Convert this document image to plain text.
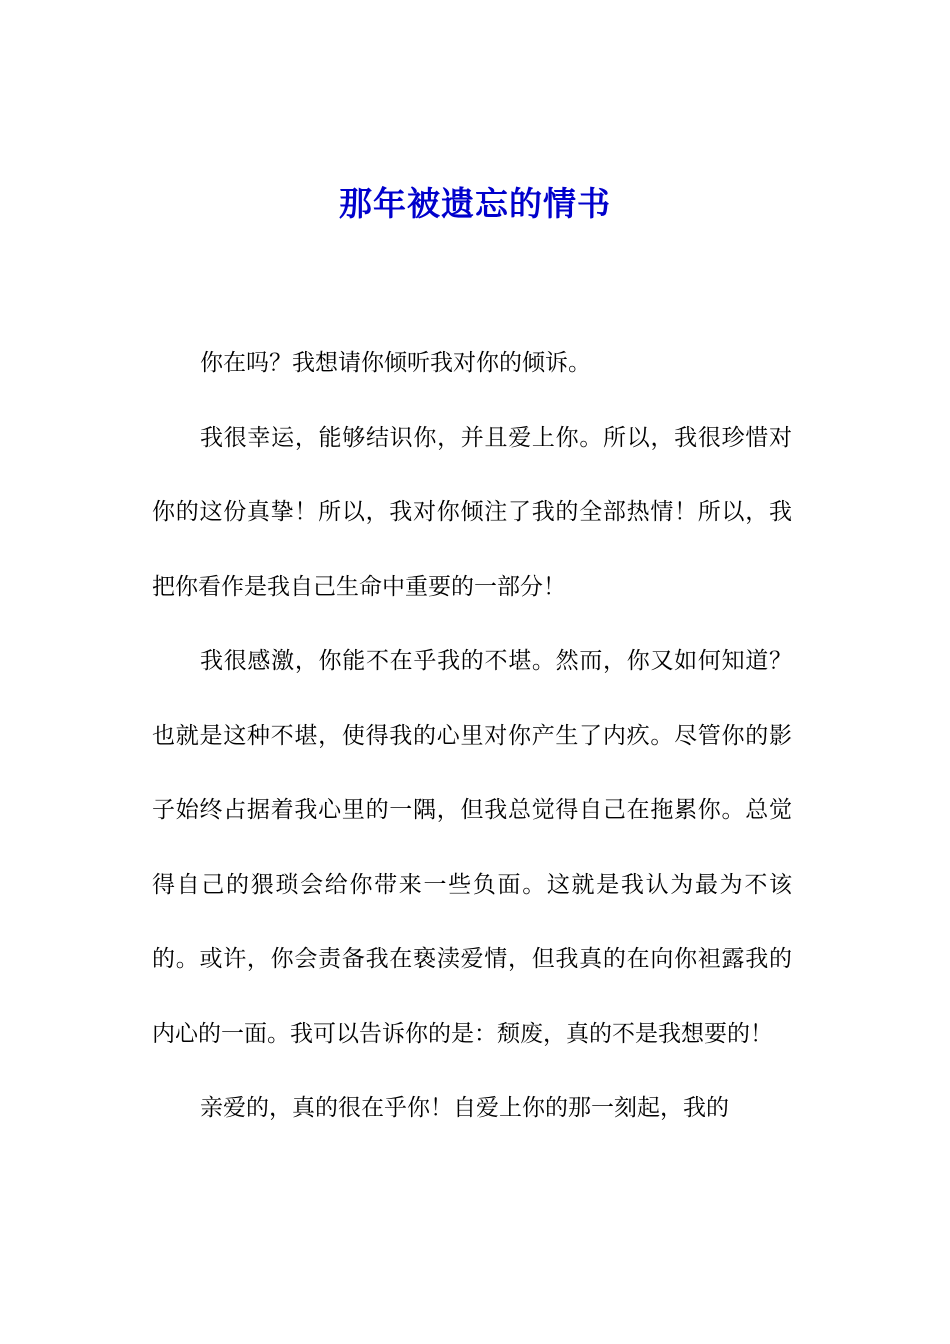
那年被遗忘的情书

你在吗？我想请你倾听我对你的倾诉。

我很幸运，能够结识你，并且爱上你。所以，我很珍惜对你的这份真挚！所以，我对你倾注了我的全部热情！所以，我把你看作是我自己生命中重要的一部分！

我很感激，你能不在乎我的不堪。然而，你又如何知道？也就是这种不堪，使得我的心里对你产生了内疚。尽管你的影子始终占据着我心里的一隅，但我总觉得自己在拖累你。总觉得自己的猥琐会给你带来一些负面。这就是我认为最为不该的。或许，你会责备我在亵渎爱情，但我真的在向你袒露我的内心的一面。我可以告诉你的是：颓废，真的不是我想要的！

亲爱的，真的很在乎你！自爱上你的那一刻起，我的
